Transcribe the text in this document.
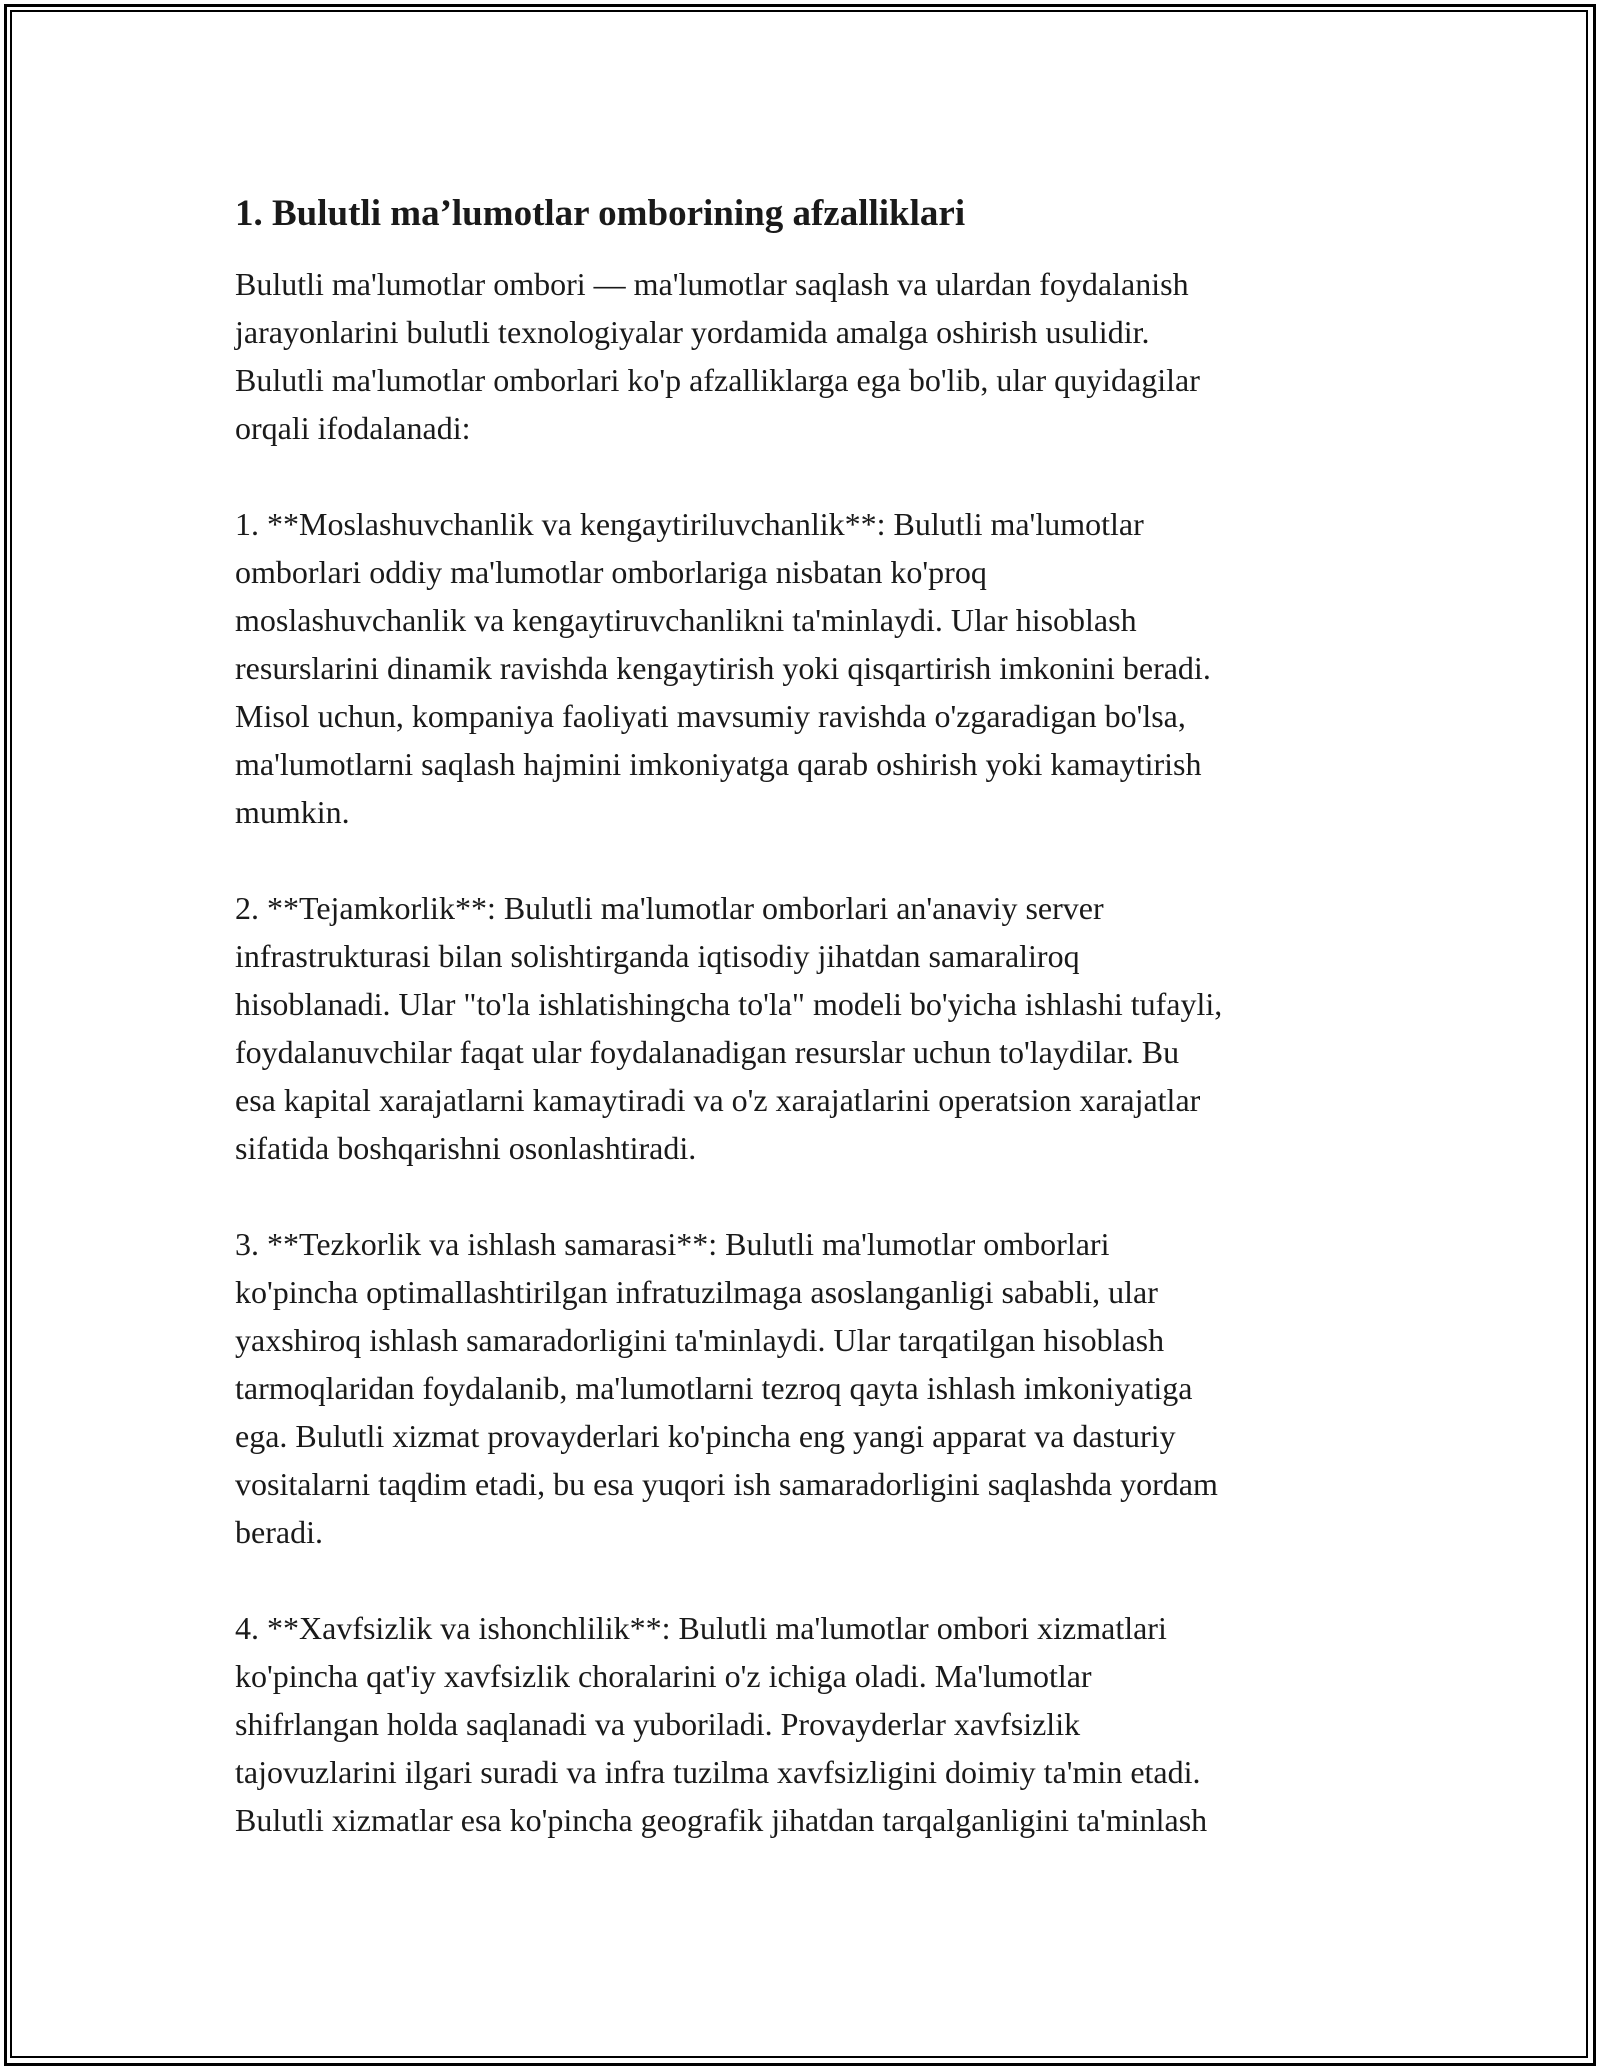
1. Bulutli ma’lumotlar omborining afzalliklari

Bulutli ma'lumotlar ombori — ma'lumotlar saqlash va ulardan foydalanish
jarayonlarini bulutli texnologiyalar yordamida amalga oshirish usulidir.
Bulutli ma'lumotlar omborlari ko'p afzalliklarga ega bo'lib, ular quyidagilar
orqali ifodalanadi:

1. **Moslashuvchanlik va kengaytiriluvchanlik**: Bulutli ma'lumotlar
omborlari oddiy ma'lumotlar omborlariga nisbatan ko'proq
moslashuvchanlik va kengaytiruvchanlikni ta'minlaydi. Ular hisoblash
resurslarini dinamik ravishda kengaytirish yoki qisqartirish imkonini beradi.
Misol uchun, kompaniya faoliyati mavsumiy ravishda o'zgaradigan bo'lsa,
ma'lumotlarni saqlash hajmini imkoniyatga qarab oshirish yoki kamaytirish
mumkin.

2. **Tejamkorlik**: Bulutli ma'lumotlar omborlari an'anaviy server
infrastrukturasi bilan solishtirganda iqtisodiy jihatdan samaraliroq
hisoblanadi. Ular "to'la ishlatishingcha to'la" modeli bo'yicha ishlashi tufayli,
foydalanuvchilar faqat ular foydalanadigan resurslar uchun to'laydilar. Bu
esa kapital xarajatlarni kamaytiradi va o'z xarajatlarini operatsion xarajatlar
sifatida boshqarishni osonlashtiradi.

3. **Tezkorlik va ishlash samarasi**: Bulutli ma'lumotlar omborlari
ko'pincha optimallashtirilgan infratuzilmaga asoslanganligi sababli, ular
yaxshiroq ishlash samaradorligini ta'minlaydi. Ular tarqatilgan hisoblash
tarmoqlaridan foydalanib, ma'lumotlarni tezroq qayta ishlash imkoniyatiga
ega. Bulutli xizmat provayderlari ko'pincha eng yangi apparat va dasturiy
vositalarni taqdim etadi, bu esa yuqori ish samaradorligini saqlashda yordam
beradi.

4. **Xavfsizlik va ishonchlilik**: Bulutli ma'lumotlar ombori xizmatlari
ko'pincha qat'iy xavfsizlik choralarini o'z ichiga oladi. Ma'lumotlar
shifrlangan holda saqlanadi va yuboriladi. Provayderlar xavfsizlik
tajovuzlarini ilgari suradi va infra tuzilma xavfsizligini doimiy ta'min etadi.
Bulutli xizmatlar esa ko'pincha geografik jihatdan tarqalganligini ta'minlash
